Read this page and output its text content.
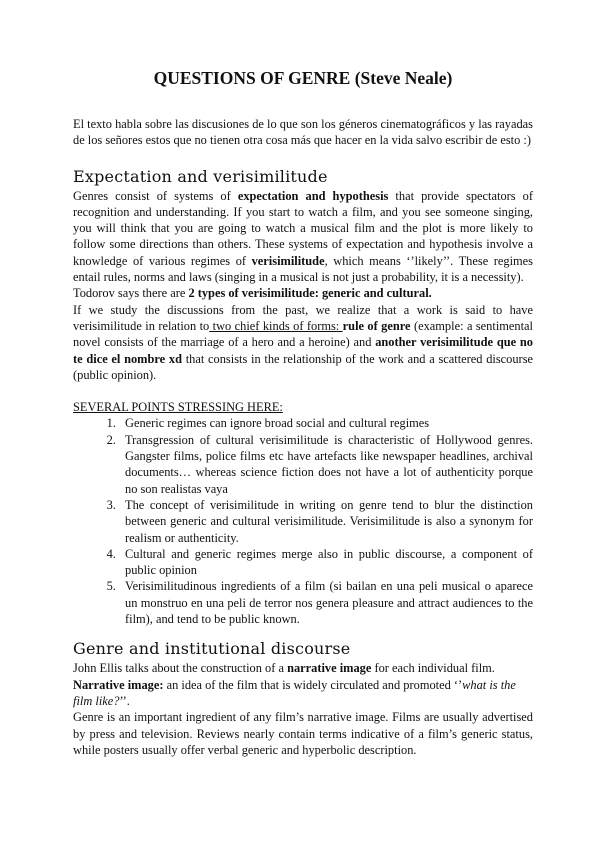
QUESTIONS OF GENRE (Steve Neale)

El texto habla sobre las discusiones de lo que son los géneros cinematográficos y las rayadas de los señores estos que no tienen otra cosa más que hacer en la vida salvo escribir de esto :)

Expectation and verisimilitude

Genres consist of systems of expectation and hypothesis that provide spectators of recognition and understanding. If you start to watch a film, and you see someone singing, you will think that you are going to watch a musical film and the plot is more likely to follow some directions than others. These systems of expectation and hypothesis involve a knowledge of various regimes of verisimilitude, which means ‘’likely’’. These regimes entail rules, norms and laws (singing in a musical is not just a probability, it is a necessity).

Todorov says there are 2 types of verisimilitude: generic and cultural.

If we study the discussions from the past, we realize that a work is said to have verisimilitude in relation to two chief kinds of forms: rule of genre (example: a sentimental novel consists of the marriage of a hero and a heroine) and another verisimilitude que no te dice el nombre xd that consists in the relationship of the work and a scattered discourse (public opinion).

SEVERAL POINTS STRESSING HERE:

1. Generic regimes can ignore broad social and cultural regimes
2. Transgression of cultural verisimilitude is characteristic of Hollywood genres. Gangster films, police films etc have artefacts like newspaper headlines, archival documents… whereas science fiction does not have a lot of authenticity porque no son realistas vaya
3. The concept of verisimilitude in writing on genre tend to blur the distinction between generic and cultural verisimilitude. Verisimilitude is also a synonym for realism or authenticity.
4. Cultural and generic regimes merge also in public discourse, a component of public opinion
5. Verisimilitudinous ingredients of a film (si bailan en una peli musical o aparece un monstruo en una peli de terror nos genera pleasure and attract audiences to the film), and tend to be public known.
Genre and institutional discourse

John Ellis talks about the construction of a narrative image for each individual film.

Narrative image: an idea of the film that is widely circulated and promoted ‘’what is the film like?’’.

Genre is an important ingredient of any film’s narrative image. Films are usually advertised by press and television. Reviews nearly contain terms indicative of a film’s generic status, while posters usually offer verbal generic and hyperbolic description.
